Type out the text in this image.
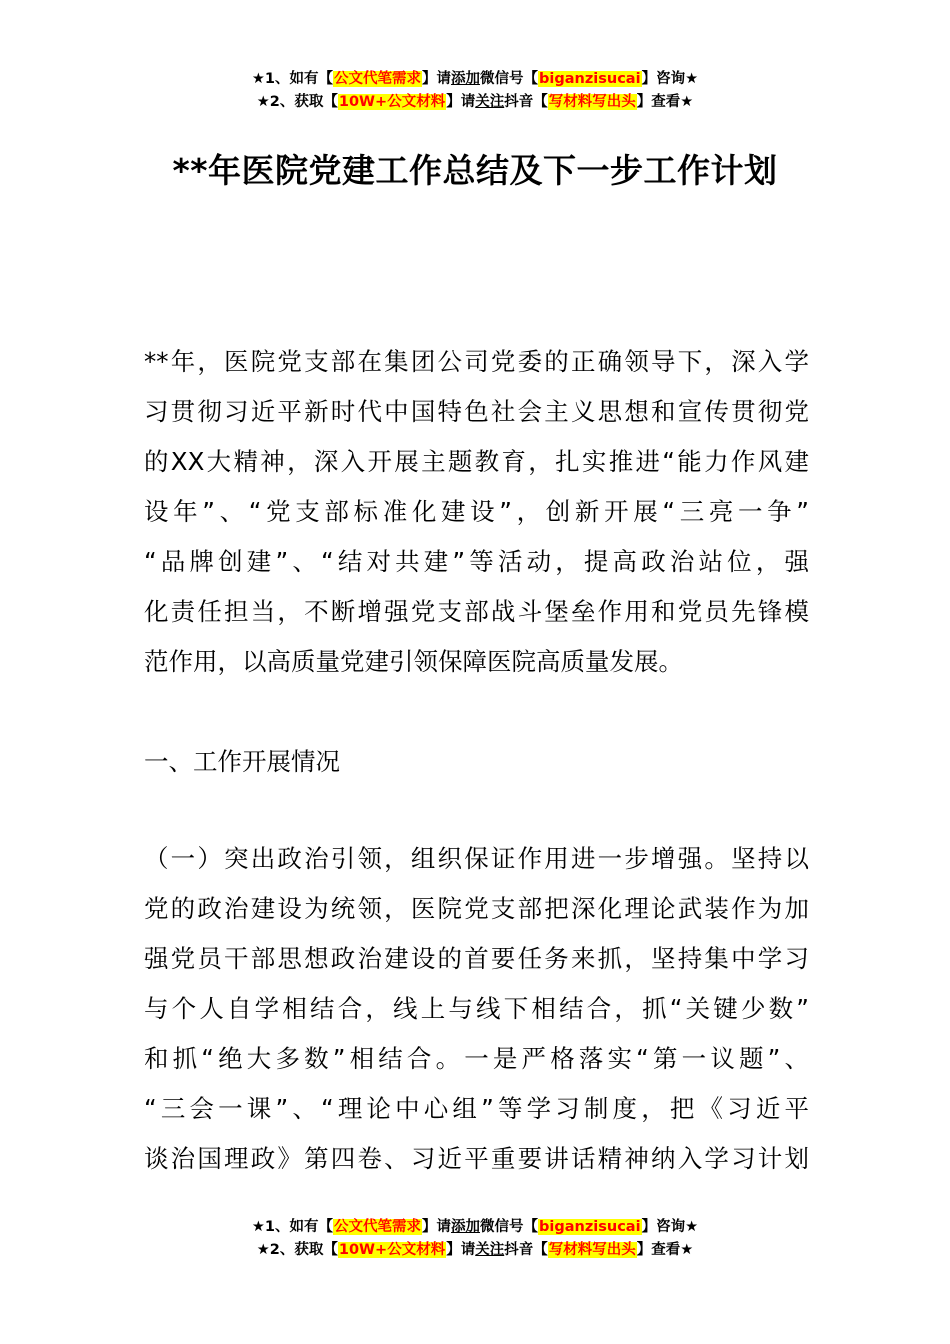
★1、如有【公文代笔需求】请添加微信号【biganzisucai】咨询★
★2、获取【10W+公文材料】请关注抖音【写材料写出头】查看★
**年医院党建工作总结及下一步工作计划
**年，医院党支部在集团公司党委的正确领导下，深入学
习贯彻习近平新时代中国特色社会主义思想和宣传贯彻党
的XX大精神，深入开展主题教育，扎实推进“能力作风建
设年”、“党支部标准化建设”，创新开展“三亮一争”
“品牌创建”、“结对共建”等活动，提高政治站位，强
化责任担当，不断增强党支部战斗堡垒作用和党员先锋模
范作用，以高质量党建引领保障医院高质量发展。
一、工作开展情况
（一）突出政治引领，组织保证作用进一步增强。坚持以
党的政治建设为统领，医院党支部把深化理论武装作为加
强党员干部思想政治建设的首要任务来抓，坚持集中学习
与个人自学相结合，线上与线下相结合，抓“关键少数”
和抓“绝大多数”相结合。一是严格落实“第一议题”、
“三会一课”、“理论中心组”等学习制度，把《习近平
谈治国理政》第四卷、习近平重要讲话精神纳入学习计划
★1、如有【公文代笔需求】请添加微信号【biganzisucai】咨询★
★2、获取【10W+公文材料】请关注抖音【写材料写出头】查看★
